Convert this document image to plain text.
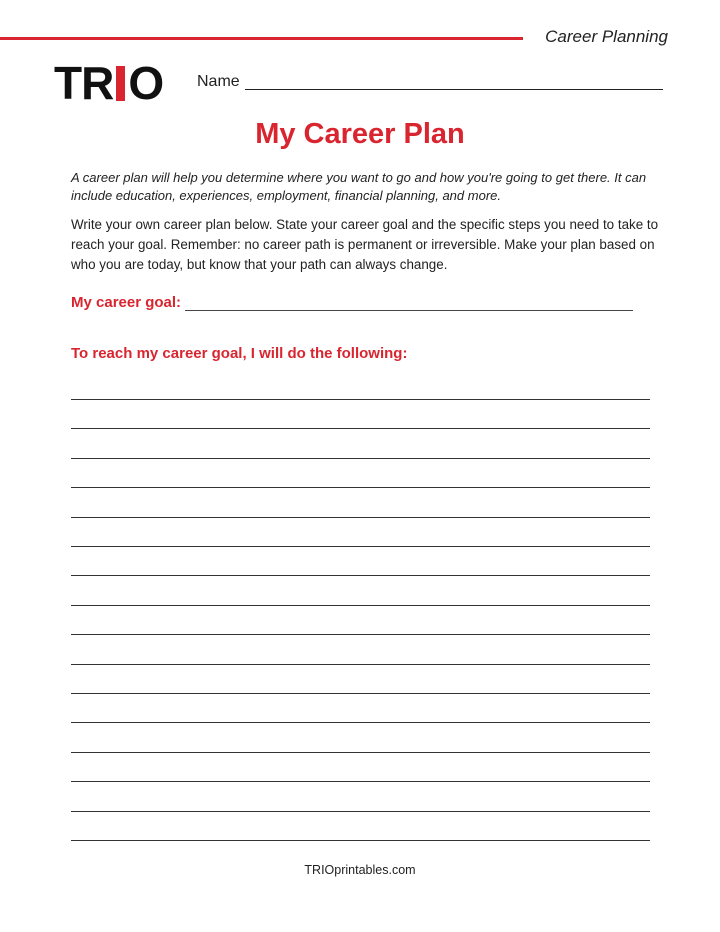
Career Planning
TR O Name
My Career Plan

A career plan will help you determine where you want to go and how you're going to get there. It can include education, experiences, employment, financial planning, and more.

Write your own career plan below. State your career goal and the specific steps you need to take to reach your goal. Remember: no career path is permanent or irreversible. Make your plan based on who you are today, but know that your path can always change.

My career goal:
To reach my career goal, I will do the following:
TRIOprintables.com
